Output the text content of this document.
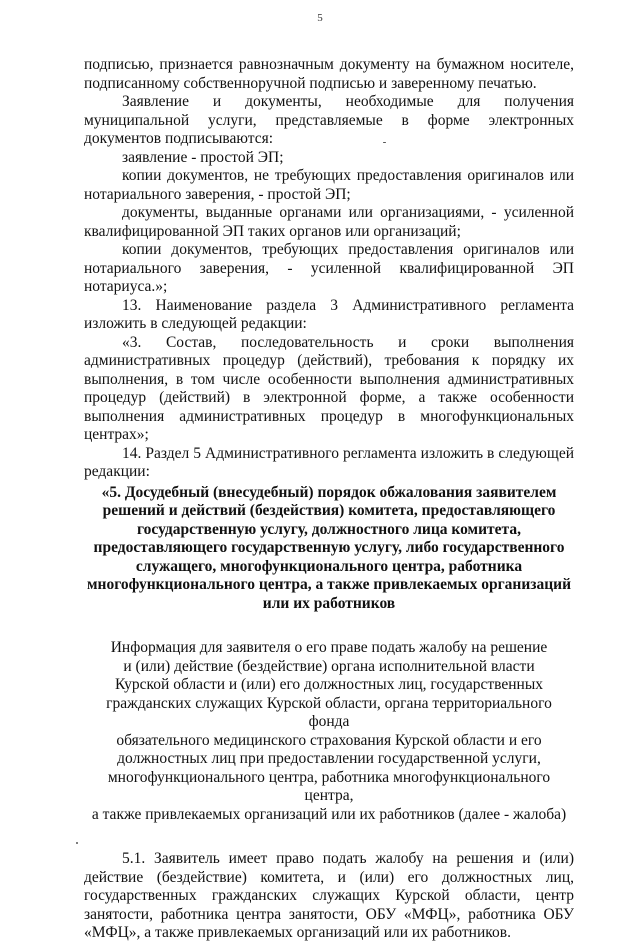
5

подписью, признается равнозначным документу на бумажном носителе, подписанному собственноручной подписью и заверенному печатью.

Заявление и документы, необходимые для получения муниципальной услуги, представляемые в форме электронных документов подписываются:

заявление - простой ЭП;

копии документов, не требующих предоставления оригиналов или нотариального заверения, - простой ЭП;

документы, выданные органами или организациями, - усиленной квалифицированной ЭП таких органов или организаций;

копии документов, требующих предоставления оригиналов или нотариального заверения, - усиленной квалифицированной ЭП нотариуса.»;

13. Наименование раздела 3 Административного регламента изложить в следующей редакции:

«3. Состав, последовательность и сроки выполнения административных процедур (действий), требования к порядку их выполнения, в том числе особенности выполнения административных процедур (действий) в электронной форме, а также особенности выполнения административных процедур в многофункциональных центрах»;

14. Раздел 5 Административного регламента изложить в следующей редакции:

«5. Досудебный (внесудебный) порядок обжалования заявителем
решений и действий (бездействия) комитета, предоставляющего
государственную услугу, должностного лица комитета,
предоставляющего государственную услугу, либо государственного
служащего, многофункционального центра, работника
многофункционального центра, а также привлекаемых организаций
или их работников
Информация для заявителя о его праве подать жалобу на решение
и (или) действие (бездействие) органа исполнительной власти
Курской области и (или) его должностных лиц, государственных
гражданских служащих Курской области, органа территориального фонда
обязательного медицинского страхования Курской области и его
должностных лиц при предоставлении государственной услуги,
многофункционального центра, работника многофункционального центра,
а также привлекаемых организаций или их работников (далее - жалоба)

5.1. Заявитель имеет право подать жалобу на решения и (или) действие (бездействие) комитета, и (или) его должностных лиц, государственных гражданских служащих Курской области, центр занятости, работника центра занятости, ОБУ «МФЦ», работника ОБУ «МФЦ», а также привлекаемых организаций или их работников.
